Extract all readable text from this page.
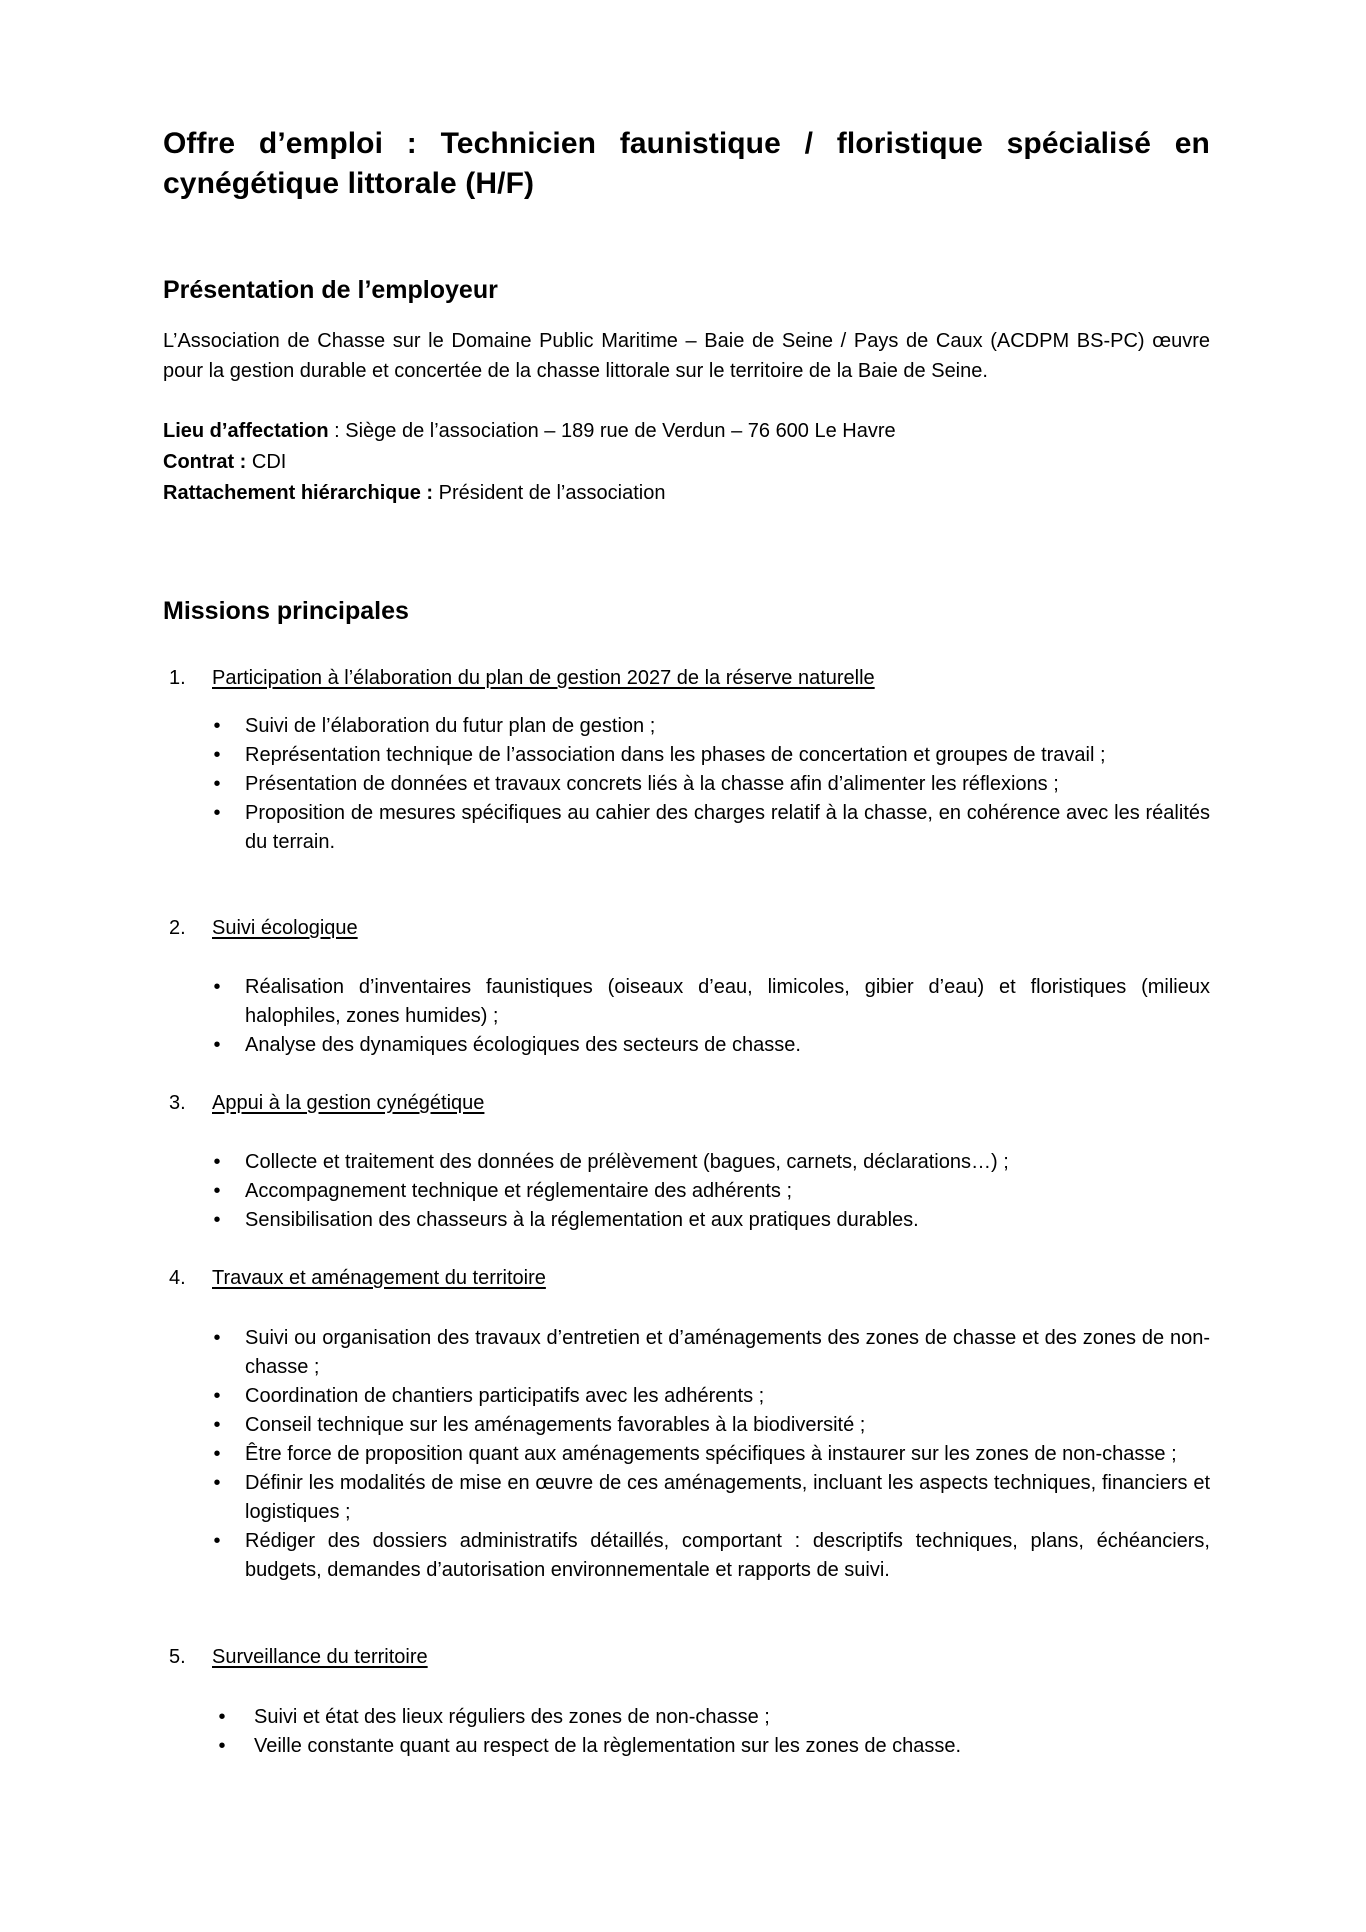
Offre d’emploi : Technicien faunistique / floristique spécialisé en cynégétique littorale (H/F)
Présentation de l’employeur

L’Association de Chasse sur le Domaine Public Maritime – Baie de Seine / Pays de Caux (ACDPM BS-PC) œuvre pour la gestion durable et concertée de la chasse littorale sur le territoire de la Baie de Seine.

Lieu d’affectation : Siège de l’association – 189 rue de Verdun – 76 600 Le Havre
Contrat : CDI
Rattachement hiérarchique : Président de l’association
Missions principales
1. Participation à l’élaboration du plan de gestion 2027 de la réserve naturelle
• Suivi de l’élaboration du futur plan de gestion ;
• Représentation technique de l’association dans les phases de concertation et groupes de travail ;
• Présentation de données et travaux concrets liés à la chasse afin d’alimenter les réflexions ;
• Proposition de mesures spécifiques au cahier des charges relatif à la chasse, en cohérence avec les réalités du terrain.
2. Suivi écologique
• Réalisation d’inventaires faunistiques (oiseaux d’eau, limicoles, gibier d’eau) et floristiques (milieux halophiles, zones humides) ;
• Analyse des dynamiques écologiques des secteurs de chasse.
3. Appui à la gestion cynégétique
• Collecte et traitement des données de prélèvement (bagues, carnets, déclarations…) ;
• Accompagnement technique et réglementaire des adhérents ;
• Sensibilisation des chasseurs à la réglementation et aux pratiques durables.
4. Travaux et aménagement du territoire
• Suivi ou organisation des travaux d’entretien et d’aménagements des zones de chasse et des zones de non-chasse ;
• Coordination de chantiers participatifs avec les adhérents ;
• Conseil technique sur les aménagements favorables à la biodiversité ;
• Être force de proposition quant aux aménagements spécifiques à instaurer sur les zones de non-chasse ;
• Définir les modalités de mise en œuvre de ces aménagements, incluant les aspects techniques, financiers et logistiques ;
• Rédiger des dossiers administratifs détaillés, comportant : descriptifs techniques, plans, échéanciers, budgets, demandes d’autorisation environnementale et rapports de suivi.
5. Surveillance du territoire
• Suivi et état des lieux réguliers des zones de non-chasse ;
• Veille constante quant au respect de la règlementation sur les zones de chasse.
